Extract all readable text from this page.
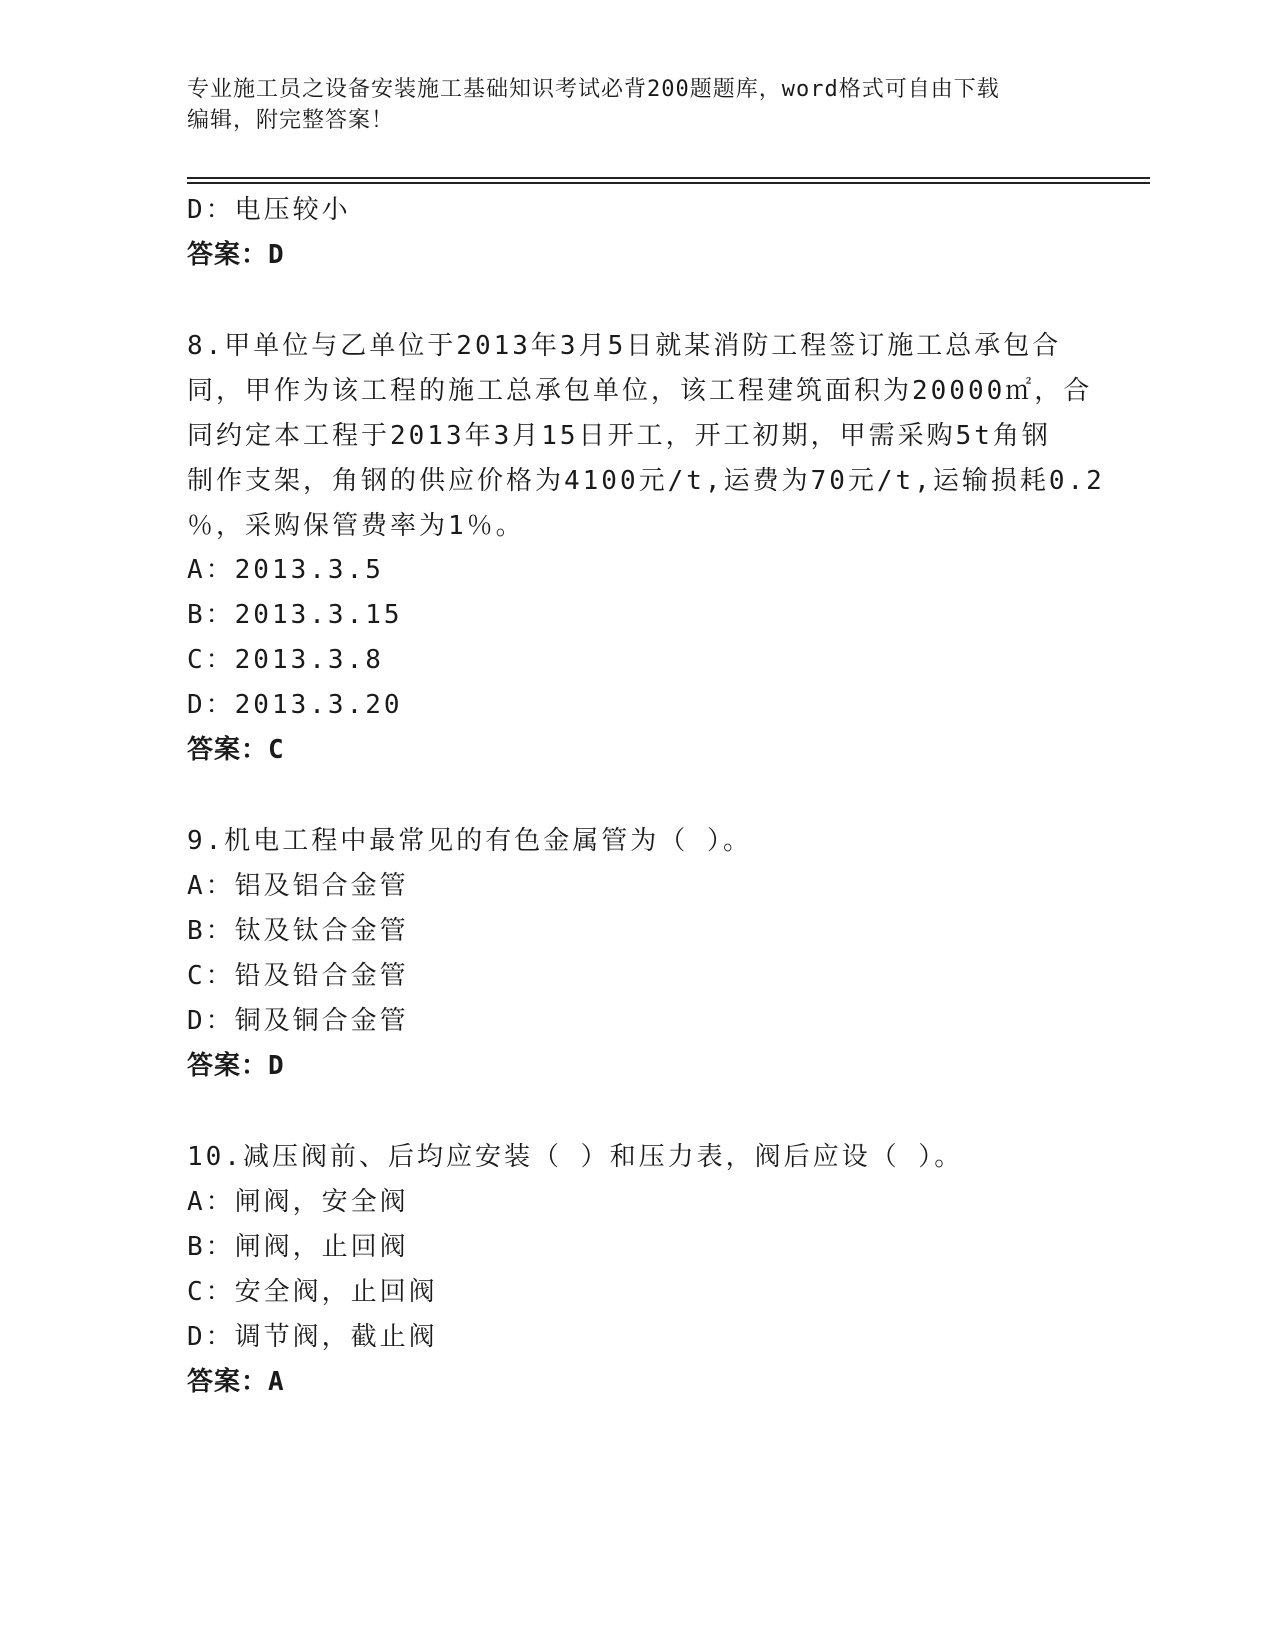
专业施工员之设备安装施工基础知识考试必背200题题库，word格式可自由下载
编辑，附完整答案！
D：电压较小
答案：D
8.甲单位与乙单位于2013年3月5日就某消防工程签订施工总承包合
同，甲作为该工程的施工总承包单位，该工程建筑面积为20000㎡，合
同约定本工程于2013年3月15日开工，开工初期，甲需采购5t角钢
制作支架，角钢的供应价格为4100元/t,运费为70元/t,运输损耗0.2
％，采购保管费率为1％。
A：2013.3.5
B：2013.3.15
C：2013.3.8
D：2013.3.20
答案：C
9.机电工程中最常见的有色金属管为（ ）。
A：铝及铝合金管
B：钛及钛合金管
C：铅及铅合金管
D：铜及铜合金管
答案：D
10.减压阀前、后均应安装（ ）和压力表，阀后应设（ ）。
A：闸阀，安全阀
B：闸阀，止回阀
C：安全阀，止回阀
D：调节阀，截止阀
答案：A
